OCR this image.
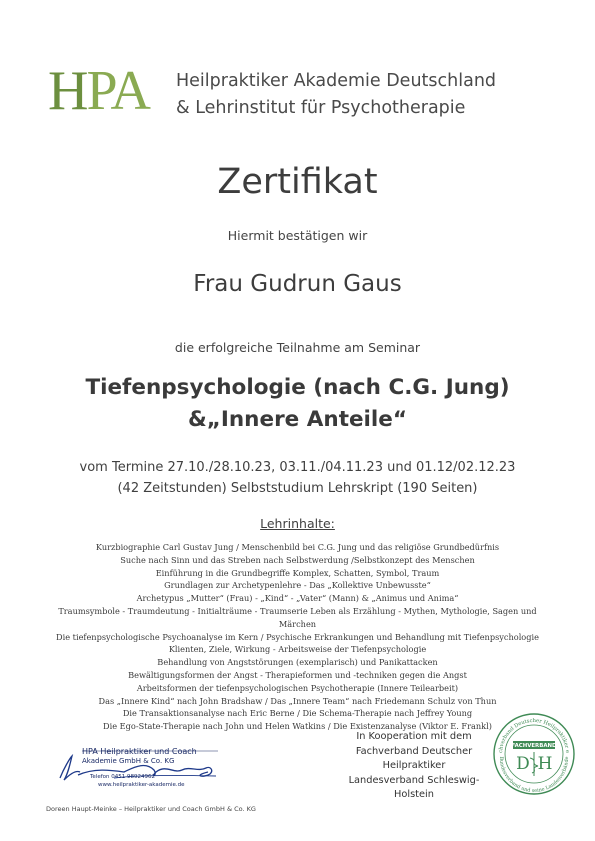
HPA	Heilpraktiker Akademie Deutschland
& Lehrinstitut für Psychotherapie
Zertifikat
Hiermit bestätigen wir
Frau Gudrun Gaus
die erfolgreiche Teilnahme am Seminar
Tiefenpsychologie (nach C.G. Jung)
&„Innere Anteile“
vom Termine 27.10./28.10.23, 03.11./04.11.23 und 01.12/02.12.23
(42 Zeitstunden) Selbststudium Lehrskript (190 Seiten)
Lehrinhalte:
Kurzbiographie Carl Gustav Jung / Menschenbild bei C.G. Jung und das religiöse Grundbedürfnis
Suche nach Sinn und das Streben nach Selbstwerdung /Selbstkonzept des Menschen
Einführung in die Grundbegriffe Komplex, Schatten, Symbol, Traum
Grundlagen zur Archetypenlehre - Das „Kollektive Unbewusste“
Archetypus „Mutter“ (Frau) - „Kind“ - „Vater“ (Mann) & „Animus und Anima“
Traumsymbole - Traumdeutung - Initialträume - Traumserie Leben als Erzählung - Mythen, Mythologie, Sagen und
Märchen
Die tiefenpsychologische Psychoanalyse im Kern / Psychische Erkrankungen und Behandlung mit Tiefenpsychologie
Klienten, Ziele, Wirkung - Arbeitsweise der Tiefenpsychologie
Behandlung von Angststörungen (exemplarisch) und Panikattacken
Bewältigungsformen der Angst - Therapieformen und -techniken gegen die Angst
Arbeitsformen der tiefenpsychologischen Psychotherapie (Innere Teilearbeit)
Das „Innere Kind“ nach John Bradshaw / Das „Innere Team“ nach Friedemann Schulz von Thun
Die Transaktionsanalyse nach Eric Berne / Die Schema-Therapie nach Jeffrey Young
Die Ego-State-Therapie nach John und Helen Watkins / Die Existenzanalyse (Viktor E. Frankl)
In Kooperation mit dem
Fachverband Deutscher
Heilpraktiker
Landesverband Schleswig-
Holstein
chverband Deutscher Heilpraktiker e
Bundesverband und seine Landesverbände
FACHVERBAND
D H
HPA Heilpraktiker und Coach
Akademie GmbH & Co. KG
Telefon 0451 98924962
www.heilpraktiker-akademie.de
Doreen Haupt-Meinke – Heilpraktiker und Coach GmbH & Co. KG
